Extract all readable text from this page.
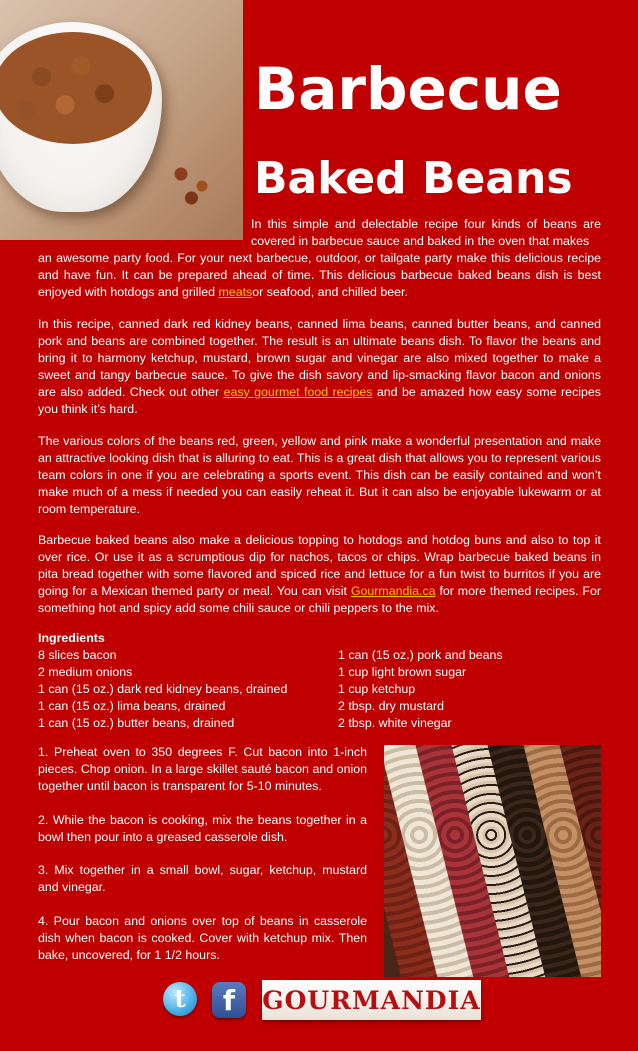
Barbecue
Baked Beans

In this simple and delectable recipe four kinds of beans are covered in barbecue sauce and baked in the oven that makes

an awesome party food. For your next barbecue, outdoor, or tailgate party make this delicious recipe and have fun. It can be prepared ahead of time. This delicious barbecue baked beans dish is best enjoyed with hotdogs and grilled meatsor seafood, and chilled beer.

In this recipe, canned dark red kidney beans, canned lima beans, canned butter beans, and canned pork and beans are combined together. The result is an ultimate beans dish. To flavor the beans and bring it to harmony ketchup, mustard, brown sugar and vinegar are also mixed together to make a sweet and tangy barbecue sauce. To give the dish savory and lip-smacking flavor bacon and onions are also added. Check out other easy gourmet food recipes and be amazed how easy some recipes you think it’s hard.

The various colors of the beans red, green, yellow and pink make a wonderful presentation and make an attractive looking dish that is alluring to eat. This is a great dish that allows you to represent various team colors in one if you are celebrating a sports event. This dish can be easily contained and won’t make much of a mess if needed you can easily reheat it. But it can also be enjoyable lukewarm or at room temperature.

Barbecue baked beans also make a delicious topping to hotdogs and hotdog buns and also to top it over rice. Or use it as a scrumptious dip for nachos, tacos or chips. Wrap barbecue baked beans in pita bread together with some flavored and spiced rice and lettuce for a fun twist to burritos if you are going for a Mexican themed party or meal. You can visit Gourmandia.ca for more themed recipes. For something hot and spicy add some chili sauce or chili peppers to the mix.

Ingredients

8 slices bacon	1 can (15 oz.) pork and beans
2 medium onions	1 cup light brown sugar
1 can (15 oz.) dark red kidney beans, drained	1 cup ketchup
1 can (15 oz.) lima beans, drained	2 tbsp. dry mustard
1 can (15 oz.) butter beans, drained	2 tbsp. white vinegar

1. Preheat oven to 350 degrees F. Cut bacon into 1-inch pieces. Chop onion. In a large skillet sauté bacon and onion together until bacon is transparent for 5-10 minutes.

2. While the bacon is cooking, mix the beans together in a bowl then pour into a greased casserole dish.

3. Mix together in a small bowl, sugar, ketchup, mustard and vinegar.

4. Pour bacon and onions over top of beans in casserole dish when bacon is cooked. Cover with ketchup mix. Then bake, uncovered, for 1 1/2 hours.

t	f	GOURMANDIA
